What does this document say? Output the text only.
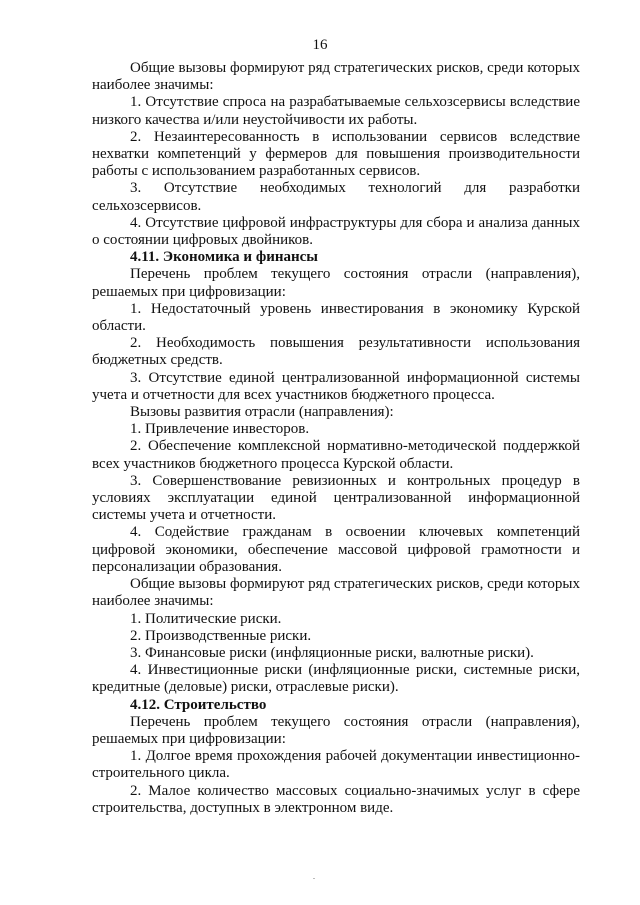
16

Общие вызовы формируют ряд стратегических рисков, среди которых наиболее значимы:

1. Отсутствие спроса на разрабатываемые сельхозсервисы вследствие низкого качества и/или неустойчивости их работы.

2. Незаинтересованность в использовании сервисов вследствие нехватки компетенций у фермеров для повышения производительности работы с использованием разработанных сервисов.

3. Отсутствие необходимых технологий для разработки сельхозсервисов.

4. Отсутствие цифровой инфраструктуры для сбора и анализа данных о состоянии цифровых двойников.

4.11. Экономика и финансы

Перечень проблем текущего состояния отрасли (направления), решаемых при цифровизации:

1. Недостаточный уровень инвестирования в экономику Курской области.

2. Необходимость повышения результативности использования бюджетных средств.

3. Отсутствие единой централизованной информационной системы учета и отчетности для всех участников бюджетного процесса.

Вызовы развития отрасли (направления):

1. Привлечение инвесторов.

2. Обеспечение комплексной нормативно-методической поддержкой всех участников бюджетного процесса Курской области.

3. Совершенствование ревизионных и контрольных процедур в условиях эксплуатации единой централизованной информационной системы учета и отчетности.

4. Содействие гражданам в освоении ключевых компетенций цифровой экономики, обеспечение массовой цифровой грамотности и персонализации образования.

Общие вызовы формируют ряд стратегических рисков, среди которых наиболее значимы:

1. Политические риски.

2. Производственные риски.

3. Финансовые риски (инфляционные риски, валютные риски).

4. Инвестиционные риски (инфляционные риски, системные риски, кредитные (деловые) риски, отраслевые риски).

4.12. Строительство

Перечень проблем текущего состояния отрасли (направления), решаемых при цифровизации:

1. Долгое время прохождения рабочей документации инвестиционно-строительного цикла.

2. Малое количество массовых социально-значимых услуг в сфере строительства, доступных в электронном виде.
